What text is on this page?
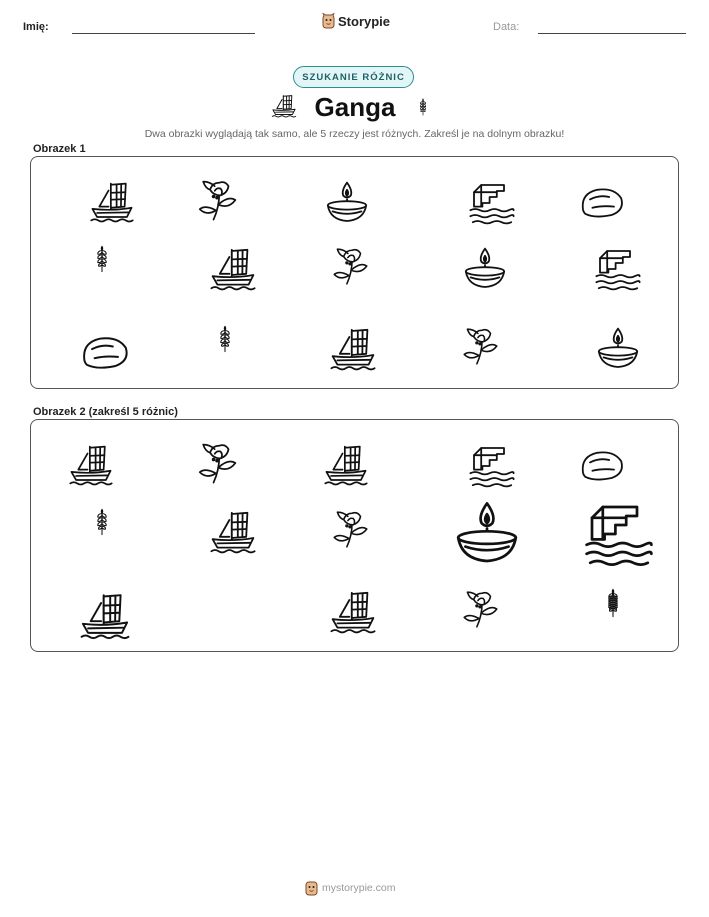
Imię:	Storypie	Data:
SZUKANIE RÓŻNIC
Ganga
Dwa obrazki wyglądają tak samo, ale 5 rzeczy jest różnych. Zakreśl je na dolnym obrazku!
Obrazek 1
Obrazek 2 (zakreśl 5 różnic)
mystorypie.com
